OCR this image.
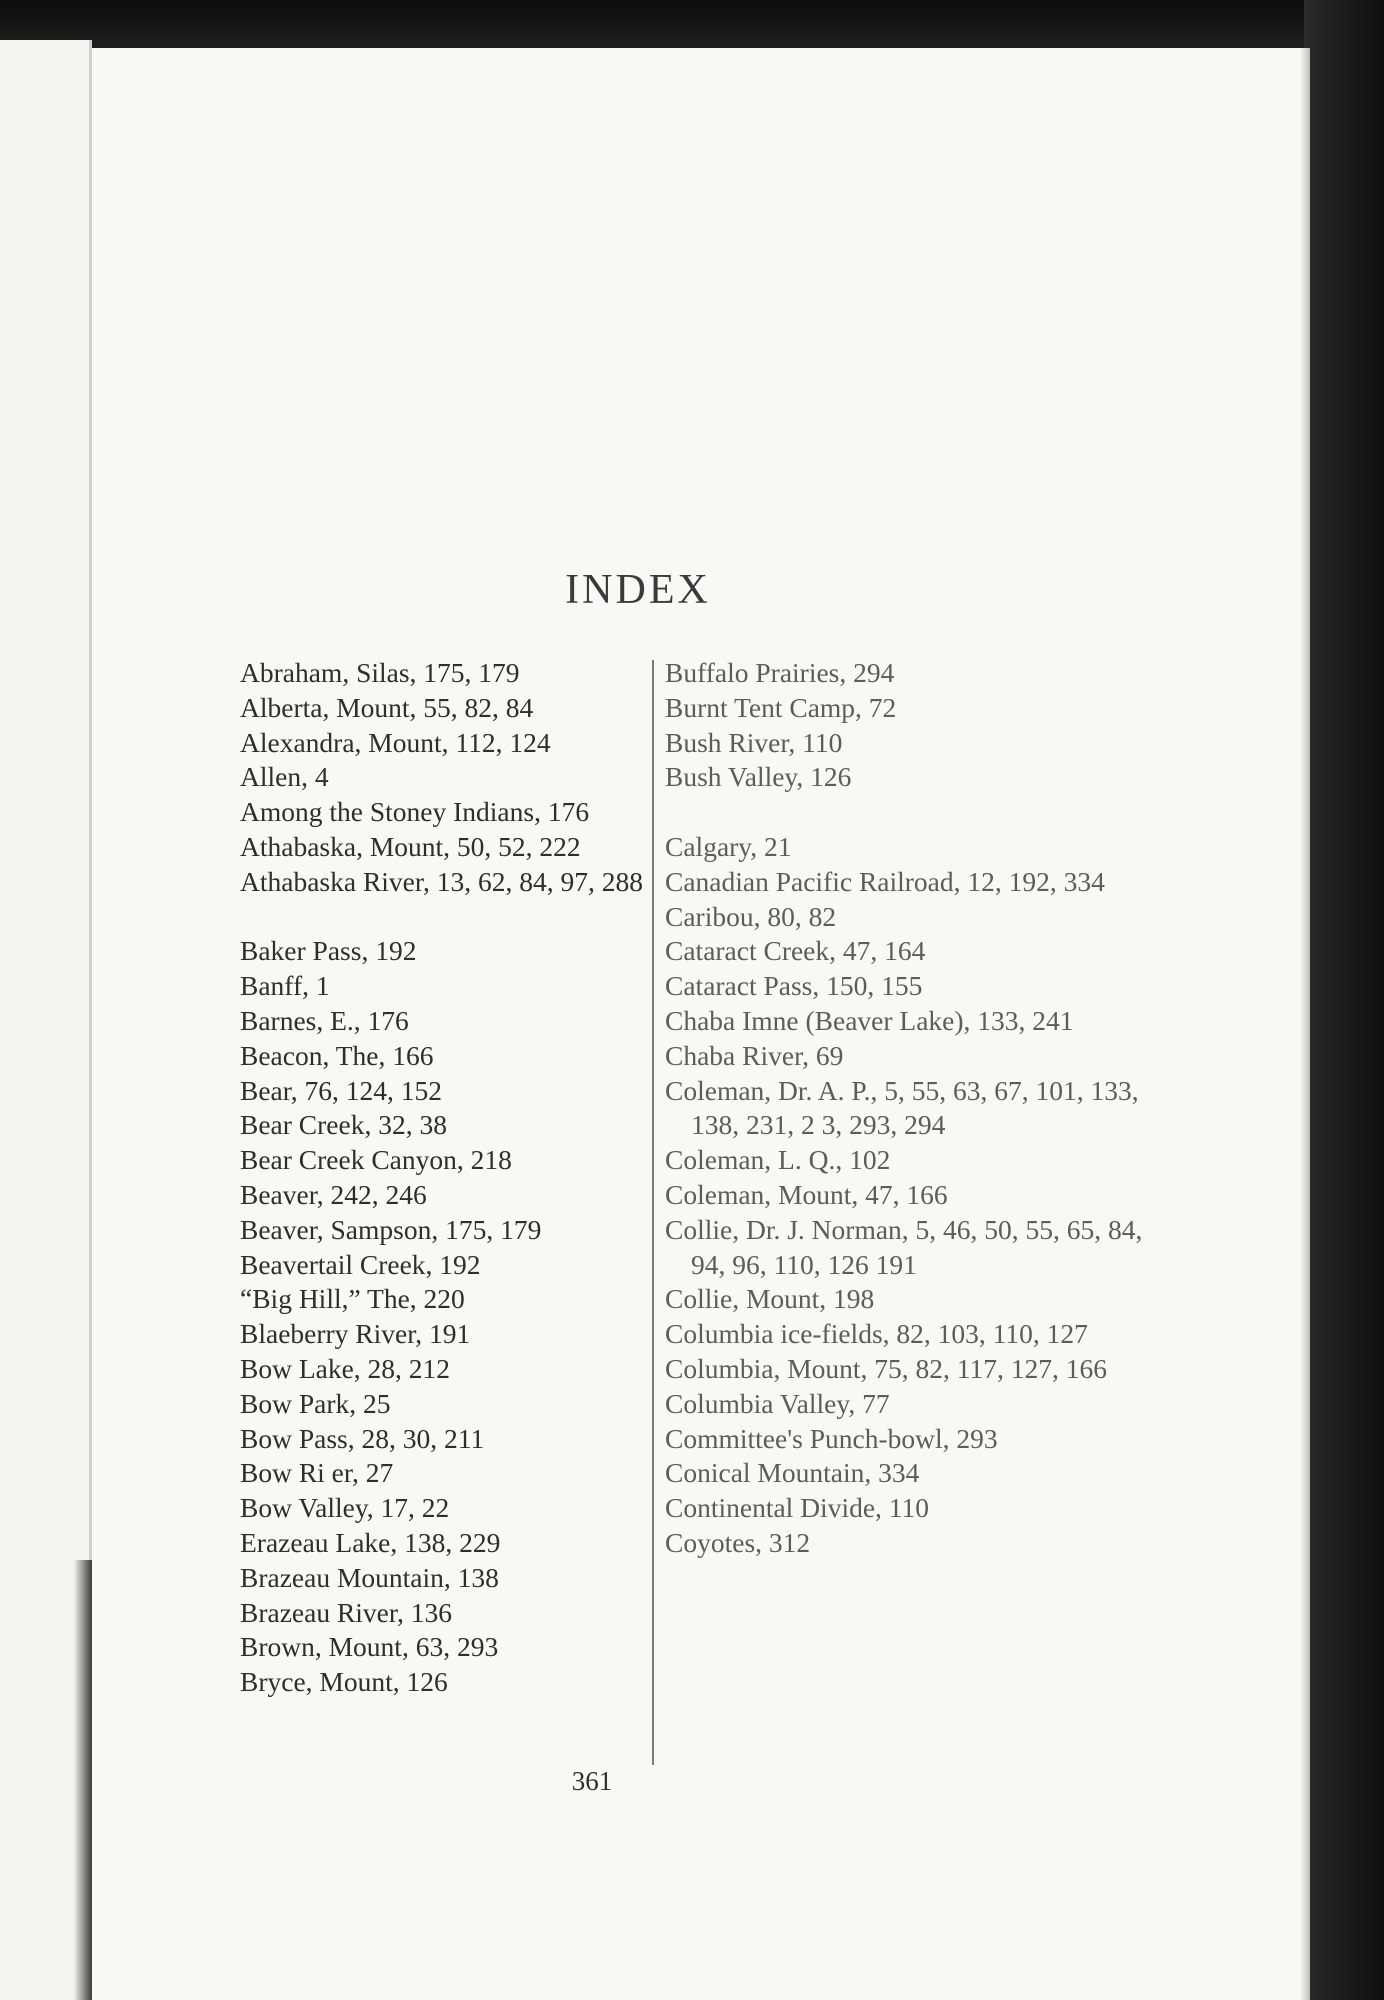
INDEX
Abraham, Silas, 175, 179
Alberta, Mount, 55, 82, 84
Alexandra, Mount, 112, 124
Allen, 4
Among the Stoney Indians, 176
Athabaska, Mount, 50, 52, 222
Athabaska River, 13, 62, 84, 97, 288
Baker Pass, 192
Banff, 1
Barnes, E., 176
Beacon, The, 166
Bear, 76, 124, 152
Bear Creek, 32, 38
Bear Creek Canyon, 218
Beaver, 242, 246
Beaver, Sampson, 175, 179
Beavertail Creek, 192
“Big Hill,” The, 220
Blaeberry River, 191
Bow Lake, 28, 212
Bow Park, 25
Bow Pass, 28, 30, 211
Bow Ri er, 27
Bow Valley, 17, 22
Erazeau Lake, 138, 229
Brazeau Mountain, 138
Brazeau River, 136
Brown, Mount, 63, 293
Bryce, Mount, 126
Buffalo Prairies, 294
Burnt Tent Camp, 72
Bush River, 110
Bush Valley, 126
Calgary, 21
Canadian Pacific Railroad, 12, 192, 334
Caribou, 80, 82
Cataract Creek, 47, 164
Cataract Pass, 150, 155
Chaba Imne (Beaver Lake), 133, 241
Chaba River, 69
Coleman, Dr. A. P., 5, 55, 63, 67, 101, 133, 138, 231, 2 3, 293, 294
Coleman, L. Q., 102
Coleman, Mount, 47, 166
Collie, Dr. J. Norman, 5, 46, 50, 55, 65, 84, 94, 96, 110, 126 191
Collie, Mount, 198
Columbia ice-fields, 82, 103, 110, 127
Columbia, Mount, 75, 82, 117, 127, 166
Columbia Valley, 77
Committee's Punch-bowl, 293
Conical Mountain, 334
Continental Divide, 110
Coyotes, 312
361
